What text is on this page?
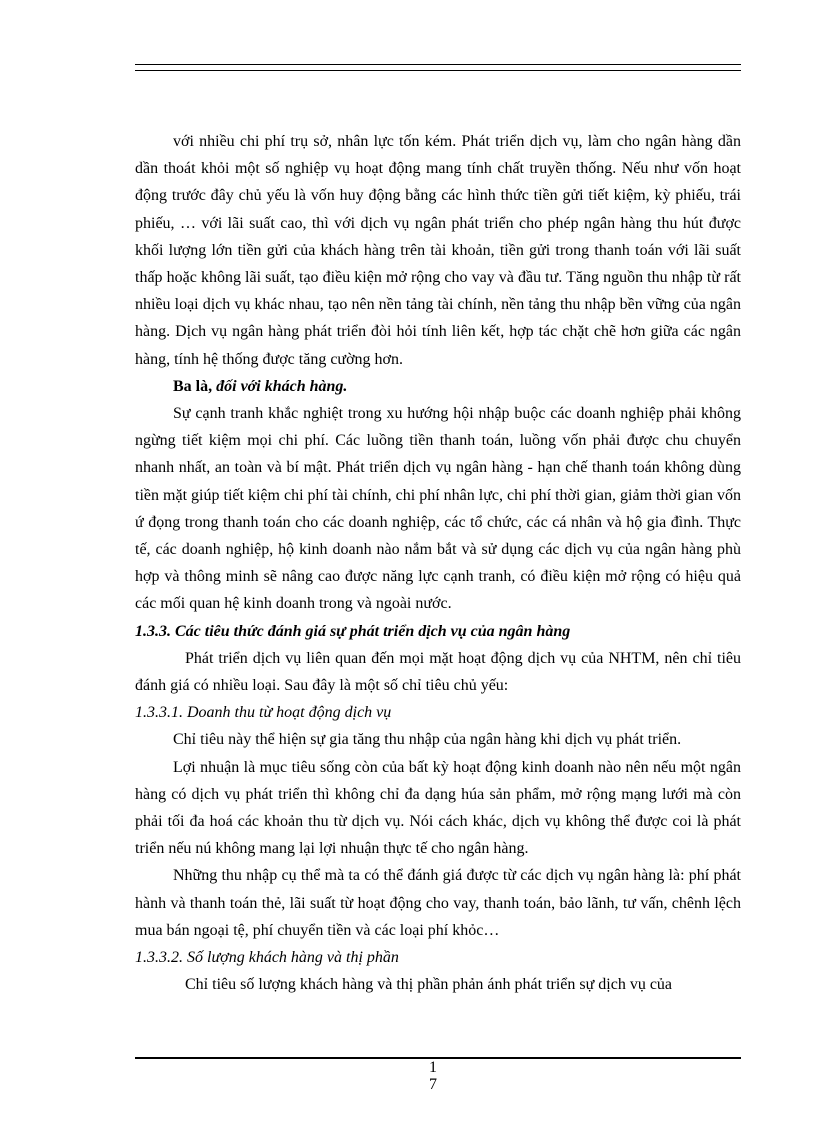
với nhiều chi phí trụ sở, nhân lực tốn kém. Phát triển dịch vụ, làm cho ngân hàng dần dần thoát khỏi một số nghiệp vụ hoạt động mang tính chất truyền thống. Nếu như vốn hoạt động trước đây chủ yếu là vốn huy động bằng các hình thức tiền gửi tiết kiệm, kỳ phiếu, trái phiếu, … với lãi suất cao, thì với dịch vụ ngân phát triển cho phép ngân hàng thu hút được khối lượng lớn tiền gửi của khách hàng trên tài khoản, tiền gửi trong thanh toán với lãi suất thấp hoặc không lãi suất, tạo điều kiện mở rộng cho vay và đầu tư. Tăng nguồn thu nhập từ rất nhiều loại dịch vụ khác nhau, tạo nên nền tảng tài chính, nền tảng thu nhập bền vững của ngân hàng. Dịch vụ ngân hàng phát triển đòi hỏi tính liên kết, hợp tác chặt chẽ hơn giữa các ngân hàng, tính hệ thống được tăng cường hơn.

Ba là, đối với khách hàng.

Sự cạnh tranh khắc nghiệt trong xu hướng hội nhập buộc các doanh nghiệp phải không ngừng tiết kiệm mọi chi phí. Các luồng tiền thanh toán, luồng vốn phải được chu chuyển nhanh nhất, an toàn và bí mật. Phát triển dịch vụ ngân hàng - hạn chế thanh toán không dùng tiền mặt giúp tiết kiệm chi phí tài chính, chi phí nhân lực, chi phí thời gian, giảm thời gian vốn ứ đọng trong thanh toán cho các doanh nghiệp, các tổ chức, các cá nhân và hộ gia đình. Thực tế, các doanh nghiệp, hộ kinh doanh nào nắm bắt và sử dụng các dịch vụ của ngân hàng phù hợp và thông minh sẽ nâng cao được năng lực cạnh tranh, có điều kiện mở rộng có hiệu quả các mối quan hệ kinh doanh trong và ngoài nước.

1.3.3. Các tiêu thức đánh giá sự phát triển dịch vụ của ngân hàng

Phát triển dịch vụ liên quan đến mọi mặt hoạt động dịch vụ của NHTM, nên chỉ tiêu đánh giá có nhiều loại. Sau đây là một số chỉ tiêu chủ yếu:

1.3.3.1. Doanh thu từ hoạt động dịch vụ

Chỉ tiêu này thể hiện sự gia tăng thu nhập của ngân hàng khi dịch vụ phát triển.

Lợi nhuận là mục tiêu sống còn của bất kỳ hoạt động kinh doanh nào nên nếu một ngân hàng có dịch vụ phát triển thì không chỉ đa dạng húa sản phẩm, mở rộng mạng lưới mà còn phải tối đa hoá các khoản thu từ dịch vụ. Nói cách khác, dịch vụ không thể được coi là phát triển nếu nú không mang lại lợi nhuận thực tế cho ngân hàng.

Những thu nhập cụ thể mà ta có thể đánh giá được từ các dịch vụ ngân hàng là: phí phát hành và thanh toán thẻ, lãi suất từ hoạt động cho vay, thanh toán, bảo lãnh, tư vấn, chênh lệch mua bán ngoại tệ, phí chuyển tiền và các loại phí khỏc…

1.3.3.2. Số lượng khách hàng và thị phần

Chỉ tiêu số lượng khách hàng và thị phần phản ánh phát triển sự dịch vụ của

1
7
